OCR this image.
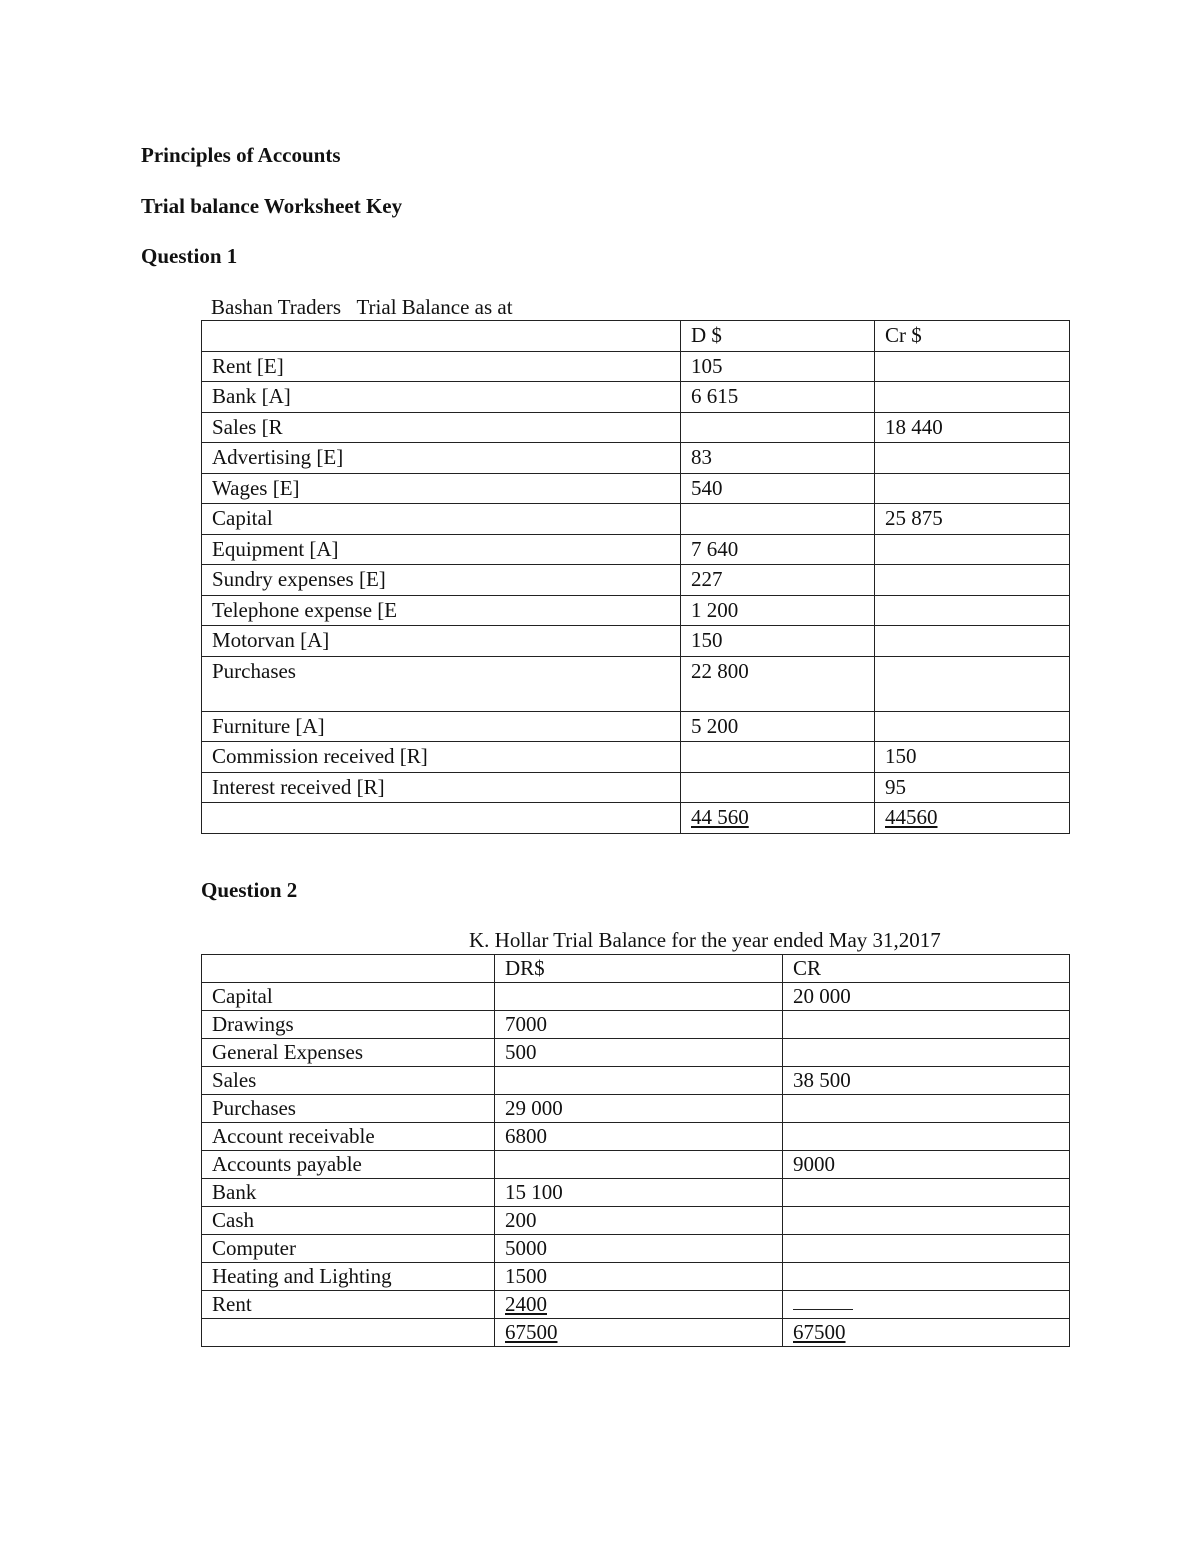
Principles of Accounts
Trial balance Worksheet Key
Question 1
Bashan Traders   Trial Balance as at
	D $	Cr $
Rent [E]	105	
Bank [A]	6 615	
Sales [R		18 440
Advertising [E]	83	
Wages [E]	540	
Capital		25 875
Equipment [A]	7 640	
Sundry expenses [E]	227	
Telephone expense [E	1 200	
Motorvan [A]	150	
Purchases	22 800	
Furniture [A]	5 200	
Commission received [R]		150
Interest received [R]		95
	44 560	44560
Question 2
K. Hollar Trial Balance for the year ended May 31,2017
	DR$	CR
Capital		20 000
Drawings	7000	
General Expenses	500	
Sales		38 500
Purchases	29 000	
Account receivable	6800	
Accounts payable		9000
Bank	15 100	
Cash	200	
Computer	5000	
Heating and Lighting	1500	
Rent	2400	
	67500	67500
